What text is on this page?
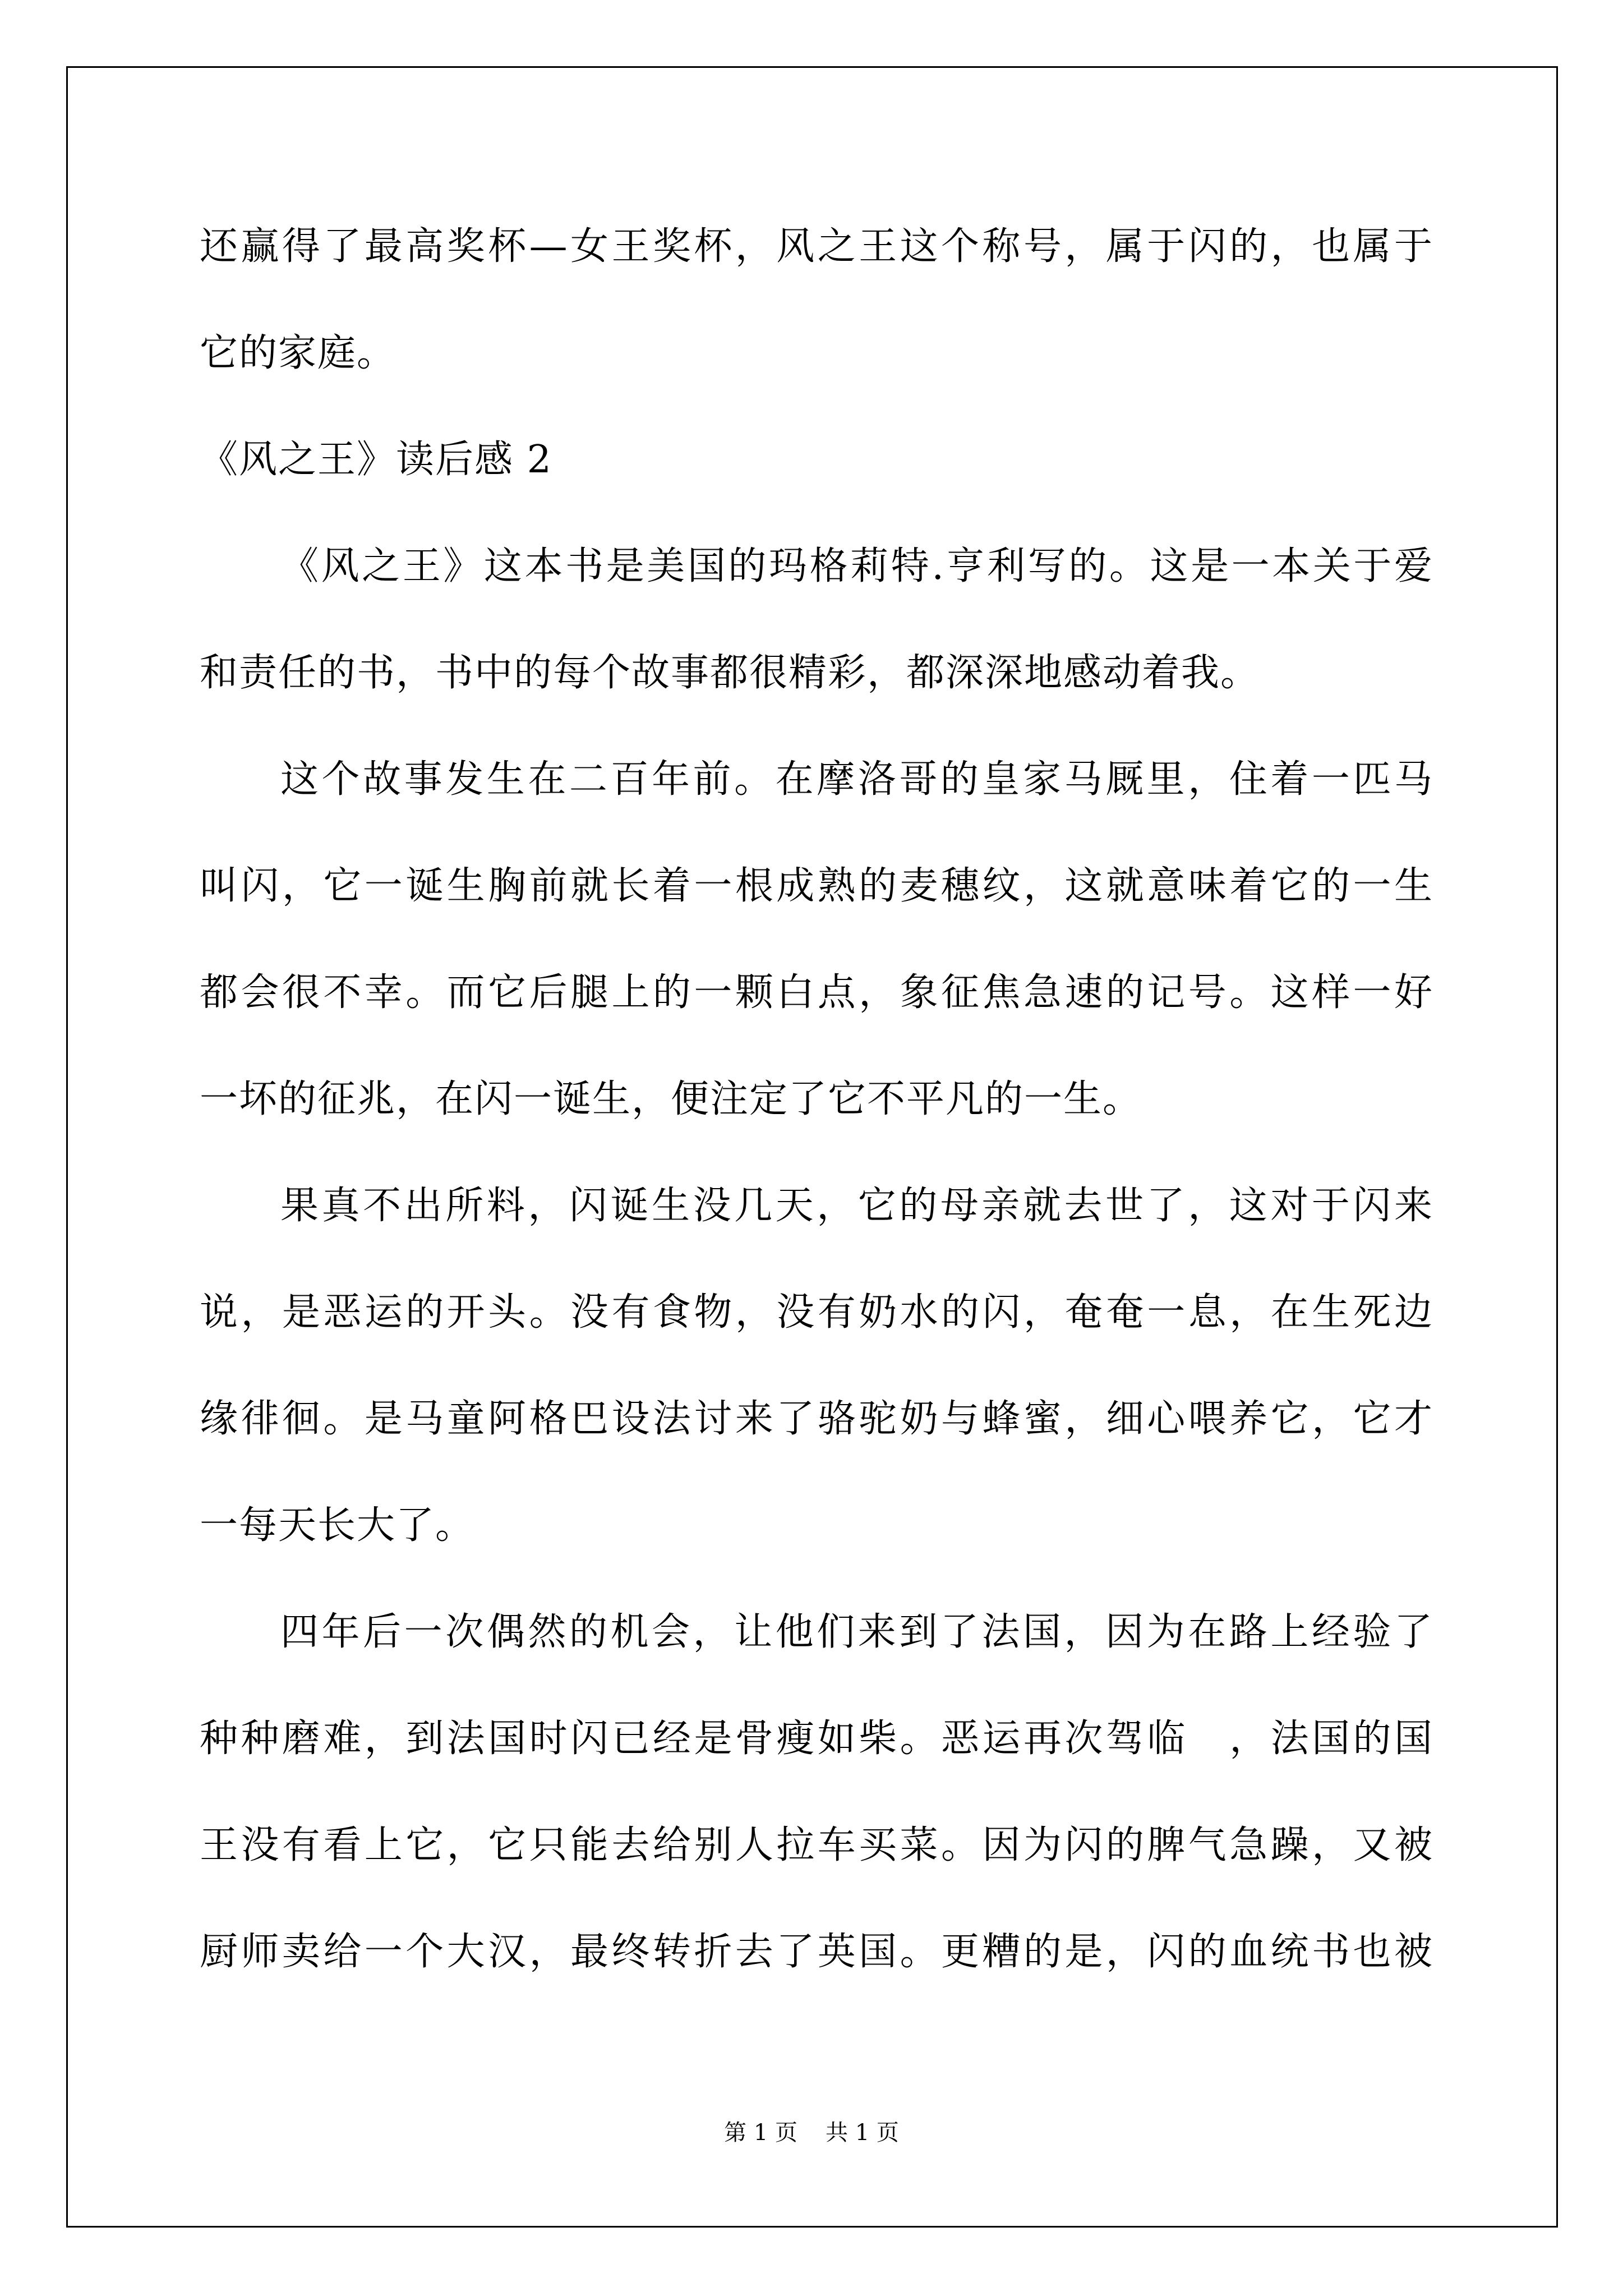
还赢得了最高奖杯—女王奖杯，风之王这个称号，属于闪的，也属于
它的家庭。
《风之王》读后感 2
《风之王》这本书是美国的玛格莉特.亨利写的。这是一本关于爱
和责任的书，书中的每个故事都很精彩，都深深地感动着我。
这个故事发生在二百年前。在摩洛哥的皇家马厩里，住着一匹马
叫闪，它一诞生胸前就长着一根成熟的麦穗纹，这就意味着它的一生
都会很不幸。而它后腿上的一颗白点，象征焦急速的记号。这样一好
一坏的征兆，在闪一诞生，便注定了它不平凡的一生。
果真不出所料，闪诞生没几天，它的母亲就去世了，这对于闪来
说，是恶运的开头。没有食物，没有奶水的闪，奄奄一息，在生死边
缘徘徊。是马童阿格巴设法讨来了骆驼奶与蜂蜜，细心喂养它，它才
一每天长大了。
四年后一次偶然的机会，让他们来到了法国，因为在路上经验了
种种磨难，到法国时闪已经是骨瘦如柴。恶运再次驾临　，法国的国
王没有看上它，它只能去给别人拉车买菜。因为闪的脾气急躁，又被
厨师卖给一个大汉，最终转折去了英国。更糟的是，闪的血统书也被
第 1 页 共 1 页
